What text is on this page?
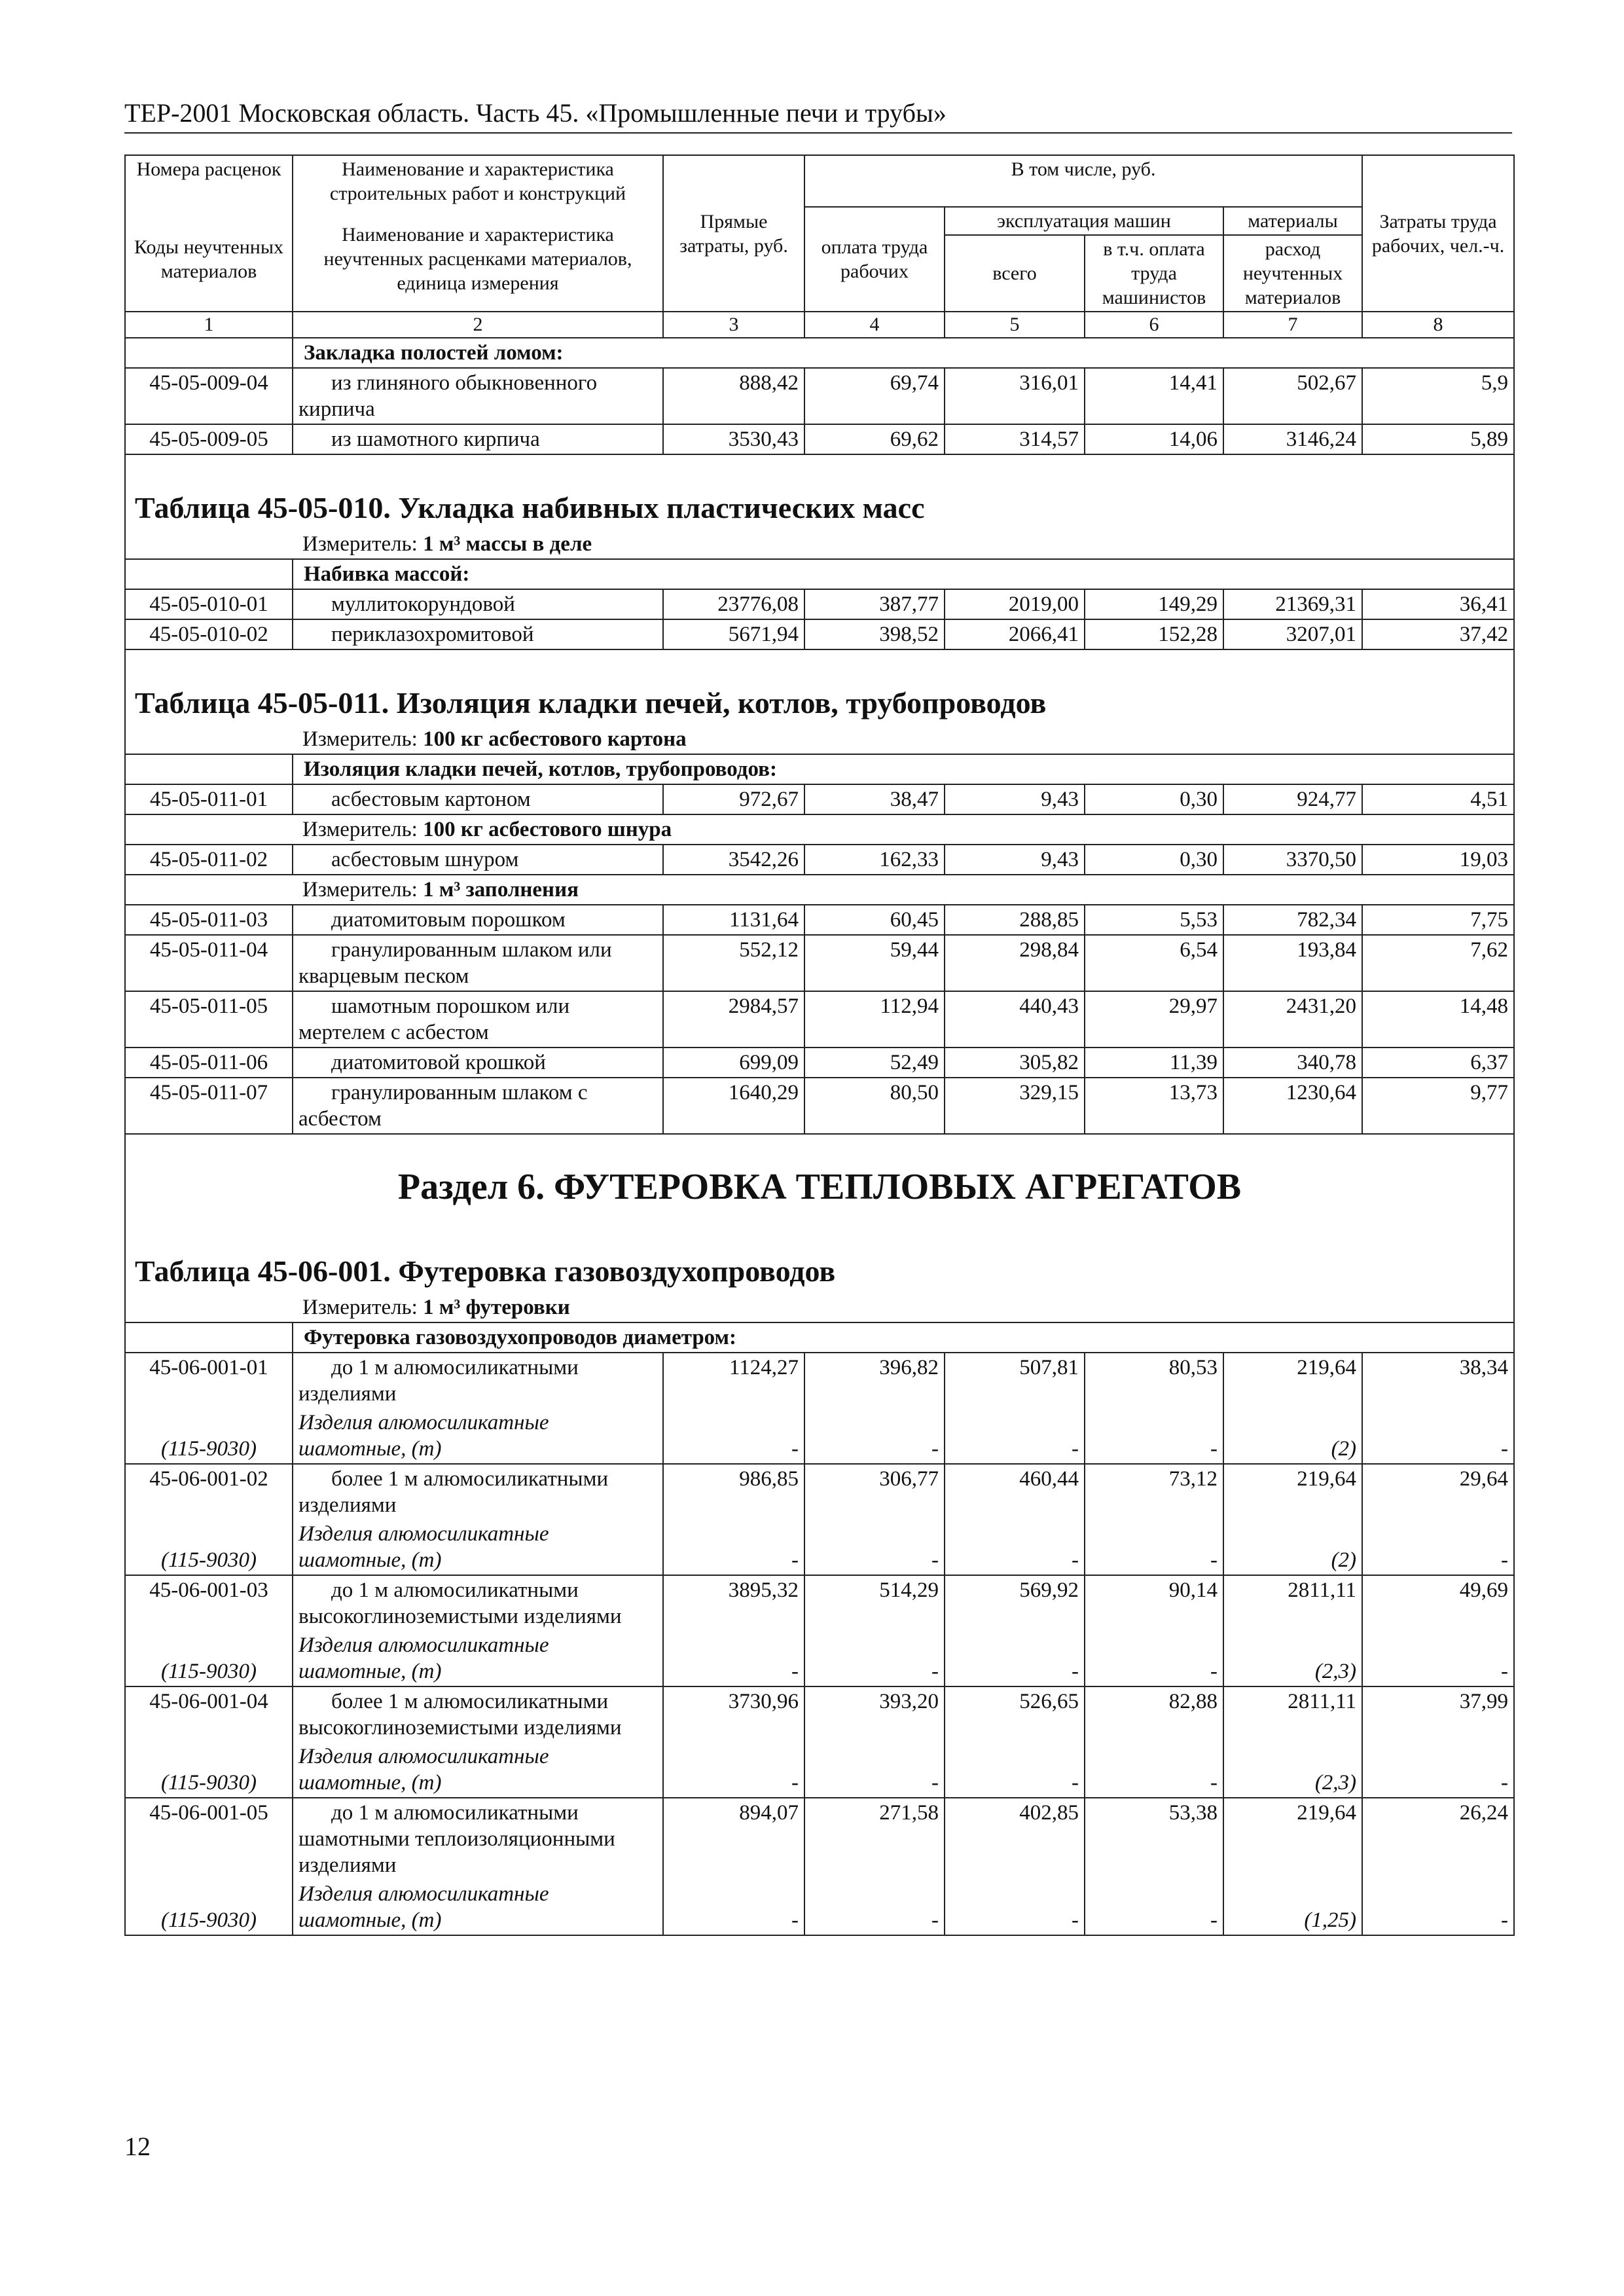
ТЕР-2001 Московская область. Часть 45. «Промышленные печи и трубы»
Номера расценок	Наименование и характеристика строительных работ и конструкций	Прямые затраты, руб.	В том числе, руб.				Затраты труда рабочих, чел.-ч.
Коды неучтенных материалов	Наименование и характеристика неучтенных расценками материалов, единица измерения		оплата труда рабочих	эксплуатация машин		материалы	
				всего	в т.ч. оплата труда машинистов	расход неучтенных материалов	
1	2	3	4	5	6	7	8
	Закладка полостей ломом:						
45-05-009-04	из глиняного обыкновенного кирпича	888,42	69,74	316,01	14,41	502,67	5,9
45-05-009-05	из шамотного кирпича	3530,43	69,62	314,57	14,06	3146,24	5,89
Таблица 45-05-010. Укладка набивных пластических масс							
Измеритель: 1 м³ массы в деле							
	Набивка массой:						
45-05-010-01	муллитокорундовой	23776,08	387,77	2019,00	149,29	21369,31	36,41
45-05-010-02	периклазохромитовой	5671,94	398,52	2066,41	152,28	3207,01	37,42
Таблица 45-05-011. Изоляция кладки печей, котлов, трубопроводов							
Измеритель: 100 кг асбестового картона							
	Изоляция кладки печей, котлов, трубопроводов:						
45-05-011-01	асбестовым картоном	972,67	38,47	9,43	0,30	924,77	4,51
Измеритель: 100 кг асбестового шнура							
45-05-011-02	асбестовым шнуром	3542,26	162,33	9,43	0,30	3370,50	19,03
Измеритель: 1 м³ заполнения							
45-05-011-03	диатомитовым порошком	1131,64	60,45	288,85	5,53	782,34	7,75
45-05-011-04	гранулированным шлаком или кварцевым песком	552,12	59,44	298,84	6,54	193,84	7,62
45-05-011-05	шамотным порошком или мертелем с асбестом	2984,57	112,94	440,43	29,97	2431,20	14,48
45-05-011-06	диатомитовой крошкой	699,09	52,49	305,82	11,39	340,78	6,37
45-05-011-07	гранулированным шлаком с асбестом	1640,29	80,50	329,15	13,73	1230,64	9,77
Раздел 6. ФУТЕРОВКА ТЕПЛОВЫХ АГРЕГАТОВ							
Таблица 45-06-001. Футеровка газовоздухопроводов							
Измеритель: 1 м³ футеровки							
	Футеровка газовоздухопроводов диаметром:						
45-06-001-01	до 1 м алюмосиликатными изделиями	1124,27	396,82	507,81	80,53	219,64	38,34
(115-9030)	Изделия алюмосиликатные шамотные, (т)	-	-	-	-	(2)	-
45-06-001-02	более 1 м алюмосиликатными изделиями	986,85	306,77	460,44	73,12	219,64	29,64
(115-9030)	Изделия алюмосиликатные шамотные, (т)	-	-	-	-	(2)	-
45-06-001-03	до 1 м алюмосиликатными высокоглиноземистыми изделиями	3895,32	514,29	569,92	90,14	2811,11	49,69
(115-9030)	Изделия алюмосиликатные шамотные, (т)	-	-	-	-	(2,3)	-
45-06-001-04	более 1 м алюмосиликатными высокоглиноземистыми изделиями	3730,96	393,20	526,65	82,88	2811,11	37,99
(115-9030)	Изделия алюмосиликатные шамотные, (т)	-	-	-	-	(2,3)	-
45-06-001-05	до 1 м алюмосиликатными шамотными теплоизоляционными изделиями	894,07	271,58	402,85	53,38	219,64	26,24
(115-9030)	Изделия алюмосиликатные шамотные, (т)	-	-	-	-	(1,25)	-
12
